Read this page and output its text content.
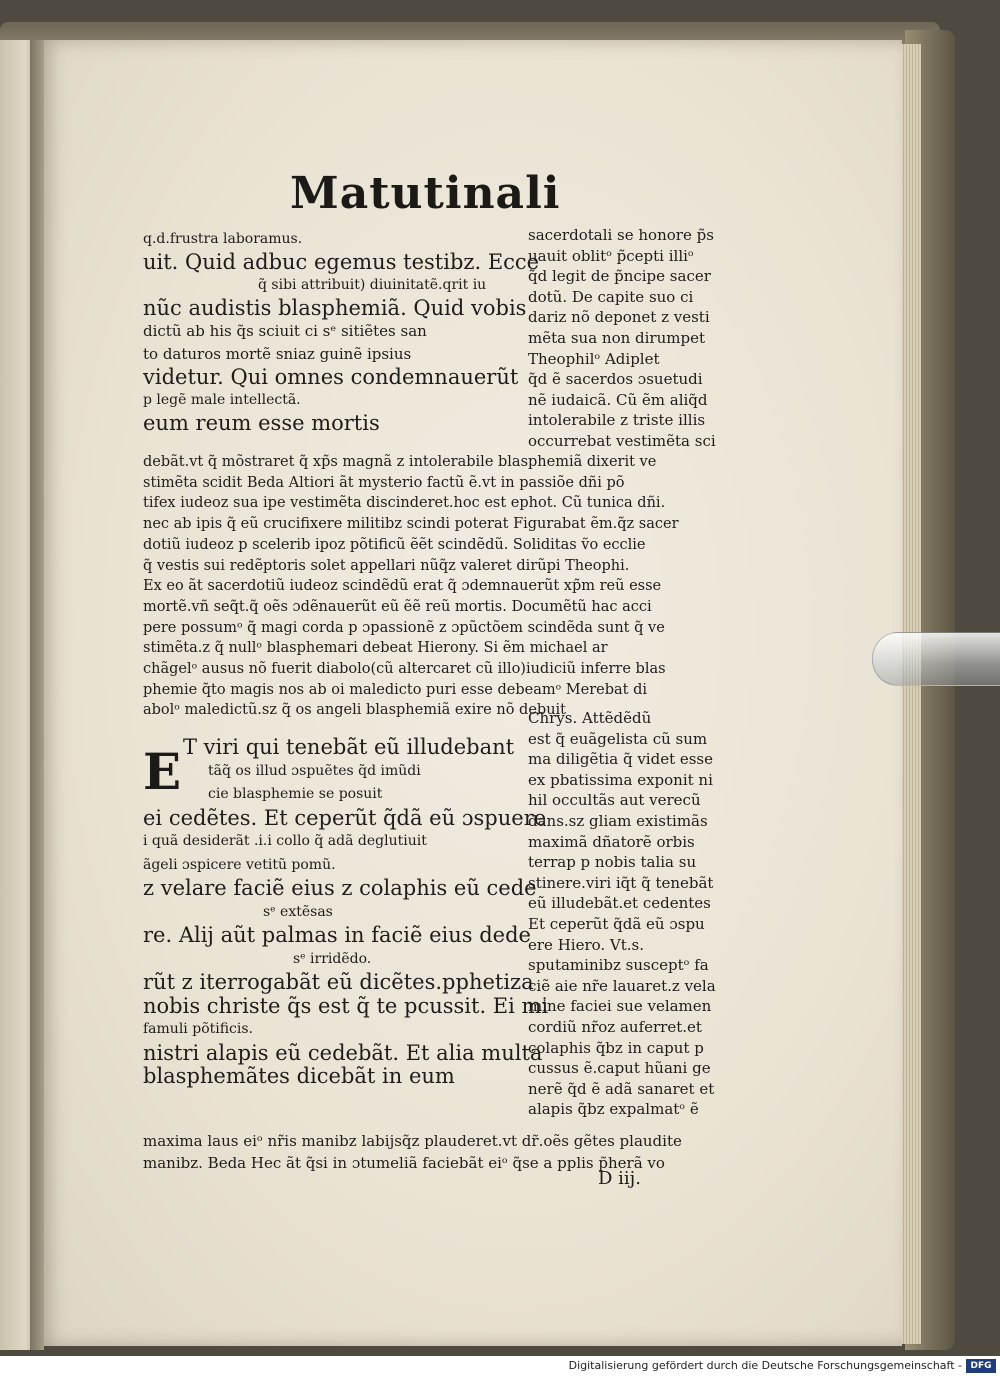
Matutinali
q.d.frustra laboramus.
uit. Quid adbuc egemus testibz. Ecce
q̃ sibi attribuit) diuinitatẽ.qrit iu
nũc audistis blasphemiã. Quid vobis
dictũ ab his q̃s sciuit ci sᵉ sitiẽtes san
to daturos mortẽ sniaz guinẽ ipsius
videtur. Qui omnes condemnauerũt
p legẽ male intellectã.
eum reum esse mortis
sacerdotali se honore p̃s
uauit oblitᵒ p̃cepti illiᵒ
q̃d legit de p̃ncipe sacer
dotũ. De capite suo ci
dariz nõ deponet z vesti
mẽta sua non dirumpet
Theophilᵒ Adiplet
q̃d ẽ sacerdos ɔsuetudi
nẽ iudaicã. Cũ ẽm aliq̃d
intolerabile z triste illis
occurrebat vestimẽta sci
debãt.vt q̃ mõstraret q̃ xp̃s magnã z intolerabile blasphemiã dixerit ve
stimẽta scidit Beda Altiori ãt mysterio factũ ẽ.vt in passiõe dñi põ
tifex iudeoz sua ipe vestimẽta discinderet.hoc est ephot. Cũ tunica dñi.
nec ab ipis q̃ eũ crucifixere militibz scindi poterat Figurabat ẽm.q̃z sacer
dotiũ iudeoz p scelerib ipoz põtificũ ẽẽt scindẽdũ. Soliditas ṽo ecclie
q̃ vestis sui redẽptoris solet appellari nũq̃z valeret dirũpi Theophi.
Ex eo ãt sacerdotiũ iudeoz scindẽdũ erat q̃ ɔdemnauerũt xp̃m reũ esse
mortẽ.vñ seq̃t.q̃ oẽs ɔdẽnauerũt eũ ẽẽ reũ mortis. Documẽtũ hac acci
pere possumᵒ q̃ magi corda p ɔpassionẽ z ɔpũctõem scindẽda sunt q̃ ve
stimẽta.z q̃ nullᵒ blasphemari debeat Hierony. Si ẽm michael ar
chãgelᵒ ausus nõ fuerit diabolo(cũ altercaret cũ illo)iudiciũ inferre blas
phemie q̃to magis nos ab oi maledicto puri esse debeamᵒ Merebat di
abolᵒ maledictũ.sz q̃ os angeli blasphemiã exire nõ debuit
E T viri qui tenebãt eũ illudebant
tãq̃ os illud ɔspuẽtes q̃d imũdi
cie blasphemie se posuit
ei cedẽtes. Et ceperũt q̃dã eũ ɔspuere
i quã desiderãt .i.i collo q̃ adã deglutiuit
ãgeli ɔspicere vetitũ pomũ.
z velare faciẽ eius z colaphis eũ cede
sᵉ extẽsas
re. Alij aũt palmas in faciẽ eius dede
sᵉ irridẽdo.
rũt z iterrogabãt eũ dicẽtes.pphetiza
nobis christe q̃s est q̃ te pcussit. Ei mi
famuli põtificis.
nistri alapis eũ cedebãt. Et alia multa
blasphemãtes dicebãt in eum
Chrys. Attẽdẽdũ
est q̃ euãgelista cũ sum
ma diligẽtia q̃ videt esse
ex pbatissima exponit ni
hil occultãs aut verecũ
dans.sz gliam existimãs
maximã dñatorẽ orbis
terrap p nobis talia su
stinere.viri iq̃t q̃ tenebãt
eũ illudebãt.et cedentes
Et ceperũt q̃dã eũ ɔspu
ere Hiero. Vt.s.
sputaminibz susceptᵒ fa
ciẽ aie nr̃e lauaret.z vela
mine faciei sue velamen
cordiũ nr̃oz auferret.et
colaphis q̃bz in caput p
cussus ẽ.caput hũani ge
nerẽ q̃d ẽ adã sanaret et
alapis q̃bz expalmatᵒ ẽ
maxima laus eiᵒ nr̃is manibz labijsq̃z plauderet.vt dr̃.oẽs gẽtes plaudite
manibz. Beda Hec ãt q̃si in ɔtumeliã faciebãt eiᵒ q̃se a pplis p̃herã vo
D iij.
Digitalisierung gefördert durch die Deutsche Forschungsgemeinschaft - DFG
